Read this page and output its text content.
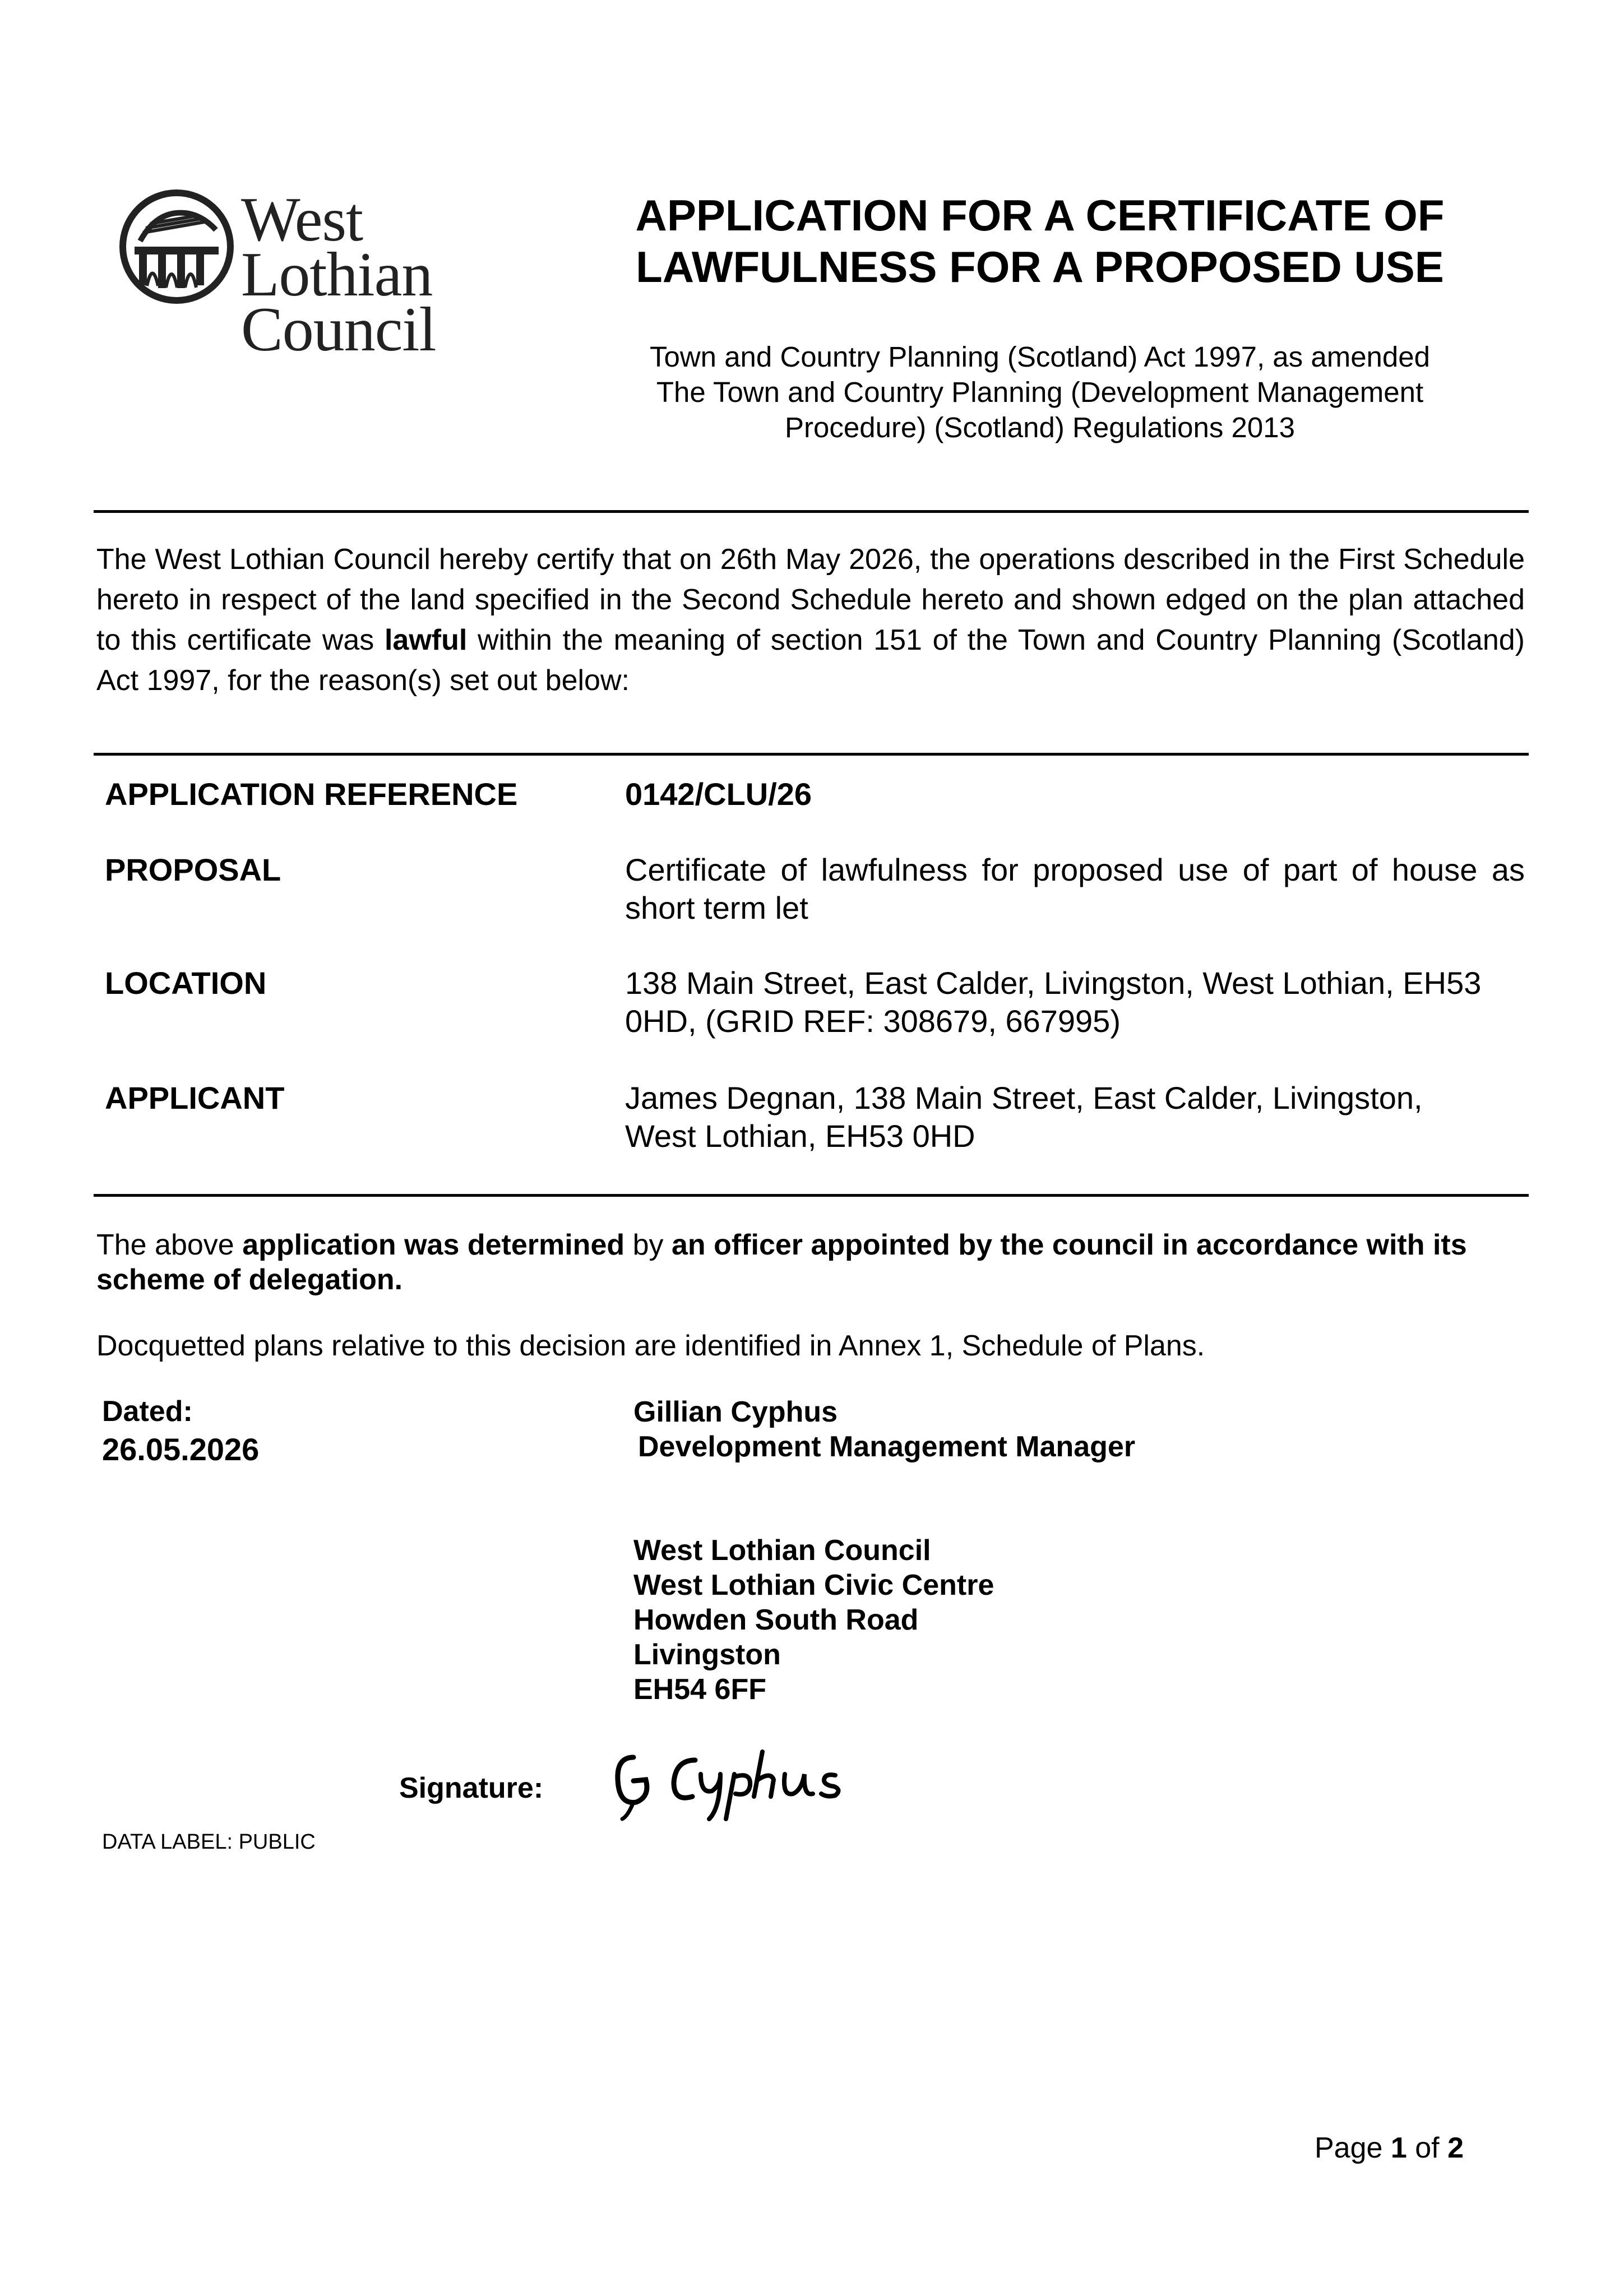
West Lothian
Council
APPLICATION FOR A CERTIFICATE OF
LAWFULNESS FOR A PROPOSED USE
Town and Country Planning (Scotland) Act 1997, as amended
The Town and Country Planning (Development Management
Procedure) (Scotland) Regulations 2013
The West Lothian Council hereby certify that on 26th May 2026, the operations described in the First Schedule hereto in respect of the land specified in the Second Schedule hereto and shown edged on the plan attached to this certificate was lawful within the meaning of section 151 of the Town and Country Planning (Scotland) Act 1997, for the reason(s) set out below:
APPLICATION REFERENCE	0142/CLU/26
PROPOSAL	Certificate of lawfulness for proposed use of part of house as short term let
LOCATION	138 Main Street, East Calder, Livingston, West Lothian, EH53
0HD, (GRID REF: 308679, 667995)
APPLICANT	James Degnan, 138 Main Street, East Calder, Livingston,
West Lothian, EH53 0HD
The above application was determined by an officer appointed by the council in accordance with its scheme of delegation.
Docquetted plans relative to this decision are identified in Annex 1, Schedule of Plans.
Dated:
26.05.2026
Gillian Cyphus
Development Management Manager
West Lothian Council
West Lothian Civic Centre
Howden South Road
Livingston
EH54 6FF
Signature:
DATA LABEL: PUBLIC
Page 1 of 2
